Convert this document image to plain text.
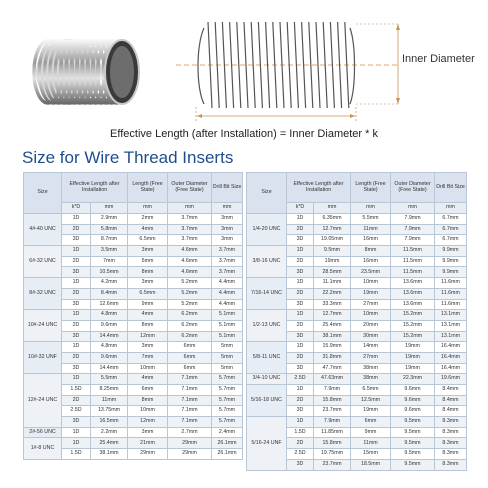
Inner Diameter
Effective Length (after Installation) = Inner Diameter * k
Size for Wire Thread Inserts
Size	Effective Length after Installation		Length (Free State)	Outer Diameter (Free State)	Drill Bit Size
	k*D	mm	mm	mm	mm
4#-40 UNC	1D	2.9mm	2mm	3.7mm	3mm
	2D	5.8mm	4mm	3.7mm	3mm
	3D	8.7mm	6.5mm	3.7mm	3mm
6#-32 UNC	1D	3.5mm	3mm	4.6mm	3.7mm
	2D	7mm	5mm	4.6mm	3.7mm
	3D	10.5mm	8mm	4.6mm	3.7mm
8#-32 UNC	1D	4.2mm	3mm	5.2mm	4.4mm
	2D	8.4mm	6.5mm	5.2mm	4.4mm
	3D	12.6mm	9mm	5.2mm	4.4mm
10#-24 UNC	1D	4.8mm	4mm	6.2mm	5.1mm
	2D	9.6mm	8mm	6.2mm	5.1mm
	3D	14.4mm	12mm	6.2mm	5.1mm
10#-32 UNF	1D	4.8mm	3mm	6mm	5mm
	2D	9.6mm	7mm	6mm	5mm
	3D	14.4mm	10mm	6mm	5mm
12#-24 UNC	1D	5.5mm	4mm	7.1mm	5.7mm
	1.5D	8.25mm	6mm	7.1mm	5.7mm
	2D	11mm	8mm	7.1mm	5.7mm
	2.5D	13.75mm	10mm	7.1mm	5.7mm
	3D	16.5mm	12mm	7.1mm	5.7mm
2#-56 UNC	1D	2.2mm	3mm	2.7mm	2.4mm
1#-8 UNC	1D	25.4mm	21mm	29mm	26.1mm
	1.5D	38.1mm	29mm	29mm	26.1mm
Size	Effective Length after Installation		Length (Free State)	Outer Diameter (Free State)	Drill Bit Size
	k*D	mm	mm	mm	mm
1/4-20 UNC	1D	6.35mm	5.5mm	7.9mm	6.7mm
	2D	12.7mm	11mm	7.9mm	6.7mm
	3D	19.05mm	16mm	7.9mm	6.7mm
3/8-16 UNC	1D	9.5mm	8mm	11.5mm	9.9mm
	2D	19mm	16mm	11.5mm	9.9mm
	3D	28.5mm	23.5mm	11.5mm	9.9mm
7/16-14 UNC	1D	11.1mm	10mm	13.6mm	11.6mm
	2D	22.2mm	19mm	13.6mm	11.6mm
	3D	33.3mm	27mm	13.6mm	11.6mm
1/2-13 UNC	1D	12.7mm	10mm	15.2mm	13.1mm
	2D	25.4mm	20mm	15.2mm	13.1mm
	3D	38.1mm	30mm	15.2mm	13.1mm
5/8-11 UNC	1D	15.9mm	14mm	19mm	16.4mm
	2D	31.8mm	27mm	19mm	16.4mm
	3D	47.7mm	38mm	19mm	16.4mm
3/4-10 UNC	2.5D	47.63mm	38mm	22.3mm	19.6mm
5/16-18 UNC	1D	7.9mm	6.5mm	9.6mm	8.4mm
	2D	15.8mm	12.5mm	9.6mm	8.4mm
	3D	23.7mm	19mm	9.6mm	8.4mm
5/16-24 UNF	1D	7.9mm	6mm	9.5mm	8.3mm
	1.5D	11.85mm	9mm	9.5mm	8.3mm
	2D	15.8mm	11mm	9.5mm	8.3mm
	2.5D	19.75mm	15mm	9.5mm	8.3mm
	3D	23.7mm	18.5mm	9.5mm	8.3mm
